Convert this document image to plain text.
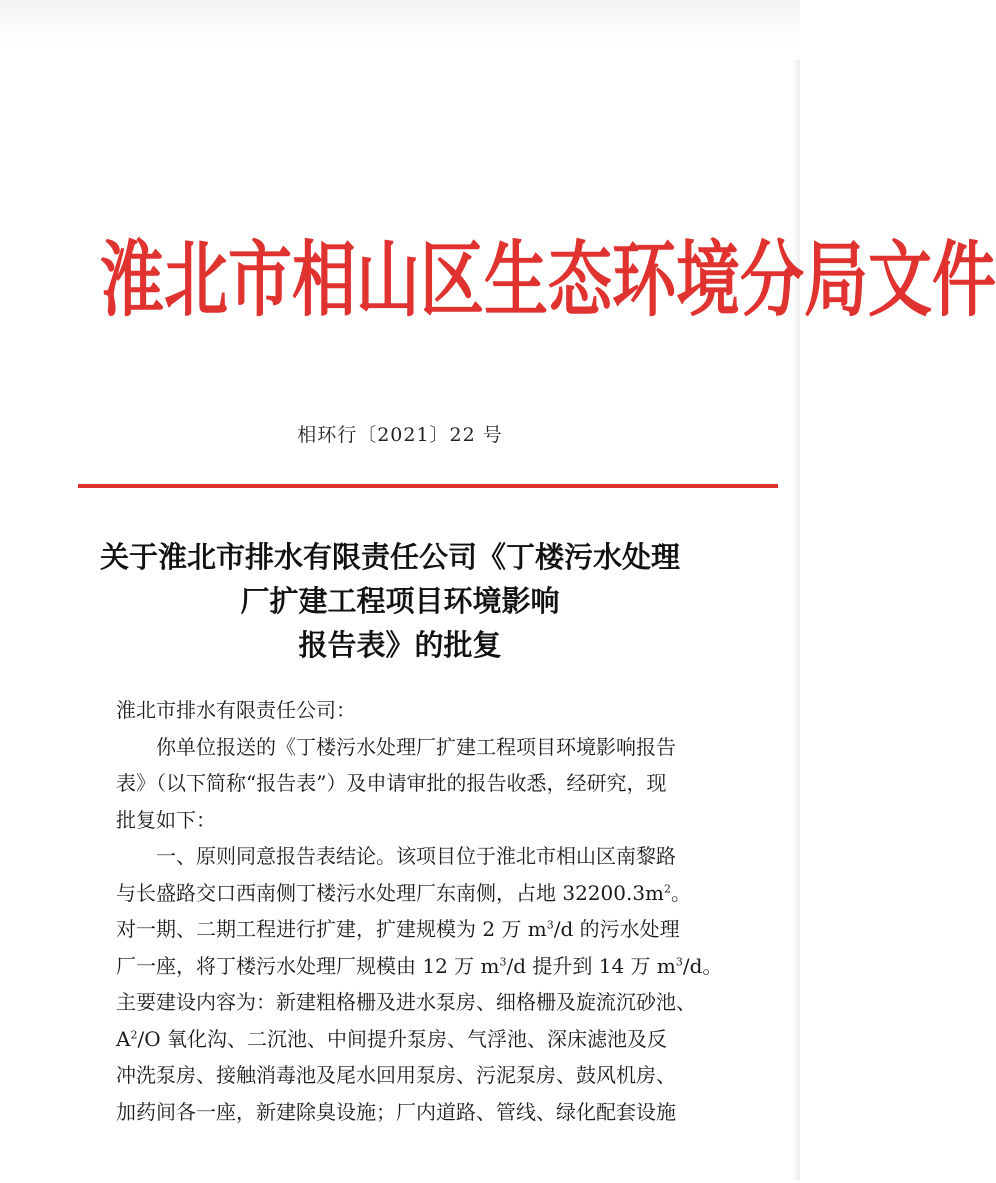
淮 北 市 相 山 区 生 态 环 境 分 局 文 件
相环行〔2021〕22 号
关于淮北市排水有限责任公司《丁楼污水处理
厂扩建工程项目环境影响
报告表》的批复
淮北市排水有限责任公司：
你单位报送的《丁楼污水处理厂扩建工程项目环境影响报告
表》（以下简称“报告表”）及申请审批的报告收悉，经研究，现
批复如下：
一、原则同意报告表结论。该项目位于淮北市相山区南黎路
与长盛路交口西南侧丁楼污水处理厂东南侧，占地 $32200.3m^2$。
对一期、二期工程进行扩建，扩建规模为 2 万 $m^3/d$ 的污水处理
厂一座，将丁楼污水处理厂规模由 12 万 $m^3/d$ 提升到 14 万 $m^3/d$。
主要建设内容为：新建粗格栅及进水泵房、细格栅及旋流沉砂池、
$A^2/O$ 氧化沟、二沉池、中间提升泵房、气浮池、深床滤池及反
冲洗泵房、接触消毒池及尾水回用泵房、污泥泵房、鼓风机房、
加药间各一座，新建除臭设施；厂内道路、管线、绿化配套设施
